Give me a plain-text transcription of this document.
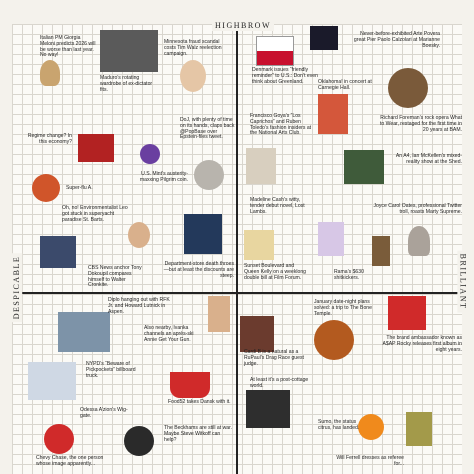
HIGHBROW
DESPICABLE	BRILLIANT
Italian PM Giorgia Meloni predicts 2026 will be worse than last year. No way!
Maduro’s rotating wardrobe of ex-dictator fits.
Minnesota fraud scandal costs Tim Walz reelection campaign.
Denmark issues “friendly reminder” to U.S.: Don’t even think about Greenland.
Never-before-exhibited Arte Povera great Pier Paolo Calzolari at Marianne Boesky.
Oklahoma! in concert at Carnegie Hall.
Regime change? In this economy?
DoJ, with plenty of time on its hands, claps back @PopBase over Epstein-files tweet.
Francisco Goya’s “Los Caprichos” and Ruben Toledo’s fashion insiders at the National Arts Club.
Richard Foreman’s rock opera What to Wear, restaged for the first time in 20 years at BAM.
Super-flu A.
U.S. Mint’s austerity-maxxing Pilgrim coin.
An A4, Ian McKellen’s mixed-reality show at the Shed.
Oh, no! Environmentalist Leo got stuck in superyacht paradise St. Barts.
Madeline Cash’s witty, tender debut novel, Lost Lambs.
Joyce Carol Oates, professional Twitter troll, roasts Marty Supreme.
CBS News anchor Tony Dokoupil compares himself to Walter Cronkite.
Department-store death throes—but at least the discounts are steep.
Sunset Boulevard and Queen Kelly on a weeklong double bill at Film Forum.
Rama’s $630 shitkickers.
Diplo hanging out with RFK Jr. and Howard Lutnick in Aspen.
Also nearby, Ivanka channels an après-ski Annie Get Your Gun.
January date-night plans solved: a trip to The Bone Temple.
Cardi B is a natural as a RuPaul’s Drag Race guest judge.
The brand ambassador known as A$AP Rocky releases first album in eight years.
NYPD’s “Beware of Pickpockets” billboard truck.
Food52 takes Dansk with it.
At least it’s a post-cottage world.
Odessa A’zion’s Wig-gate.
Sumo, the status citrus, has landed.
The Beckhams are still at war. Maybe Steve Witkoff can help?
Chevy Chase, the one person whose image apparently...
Will Ferrell dresses as referee for...
